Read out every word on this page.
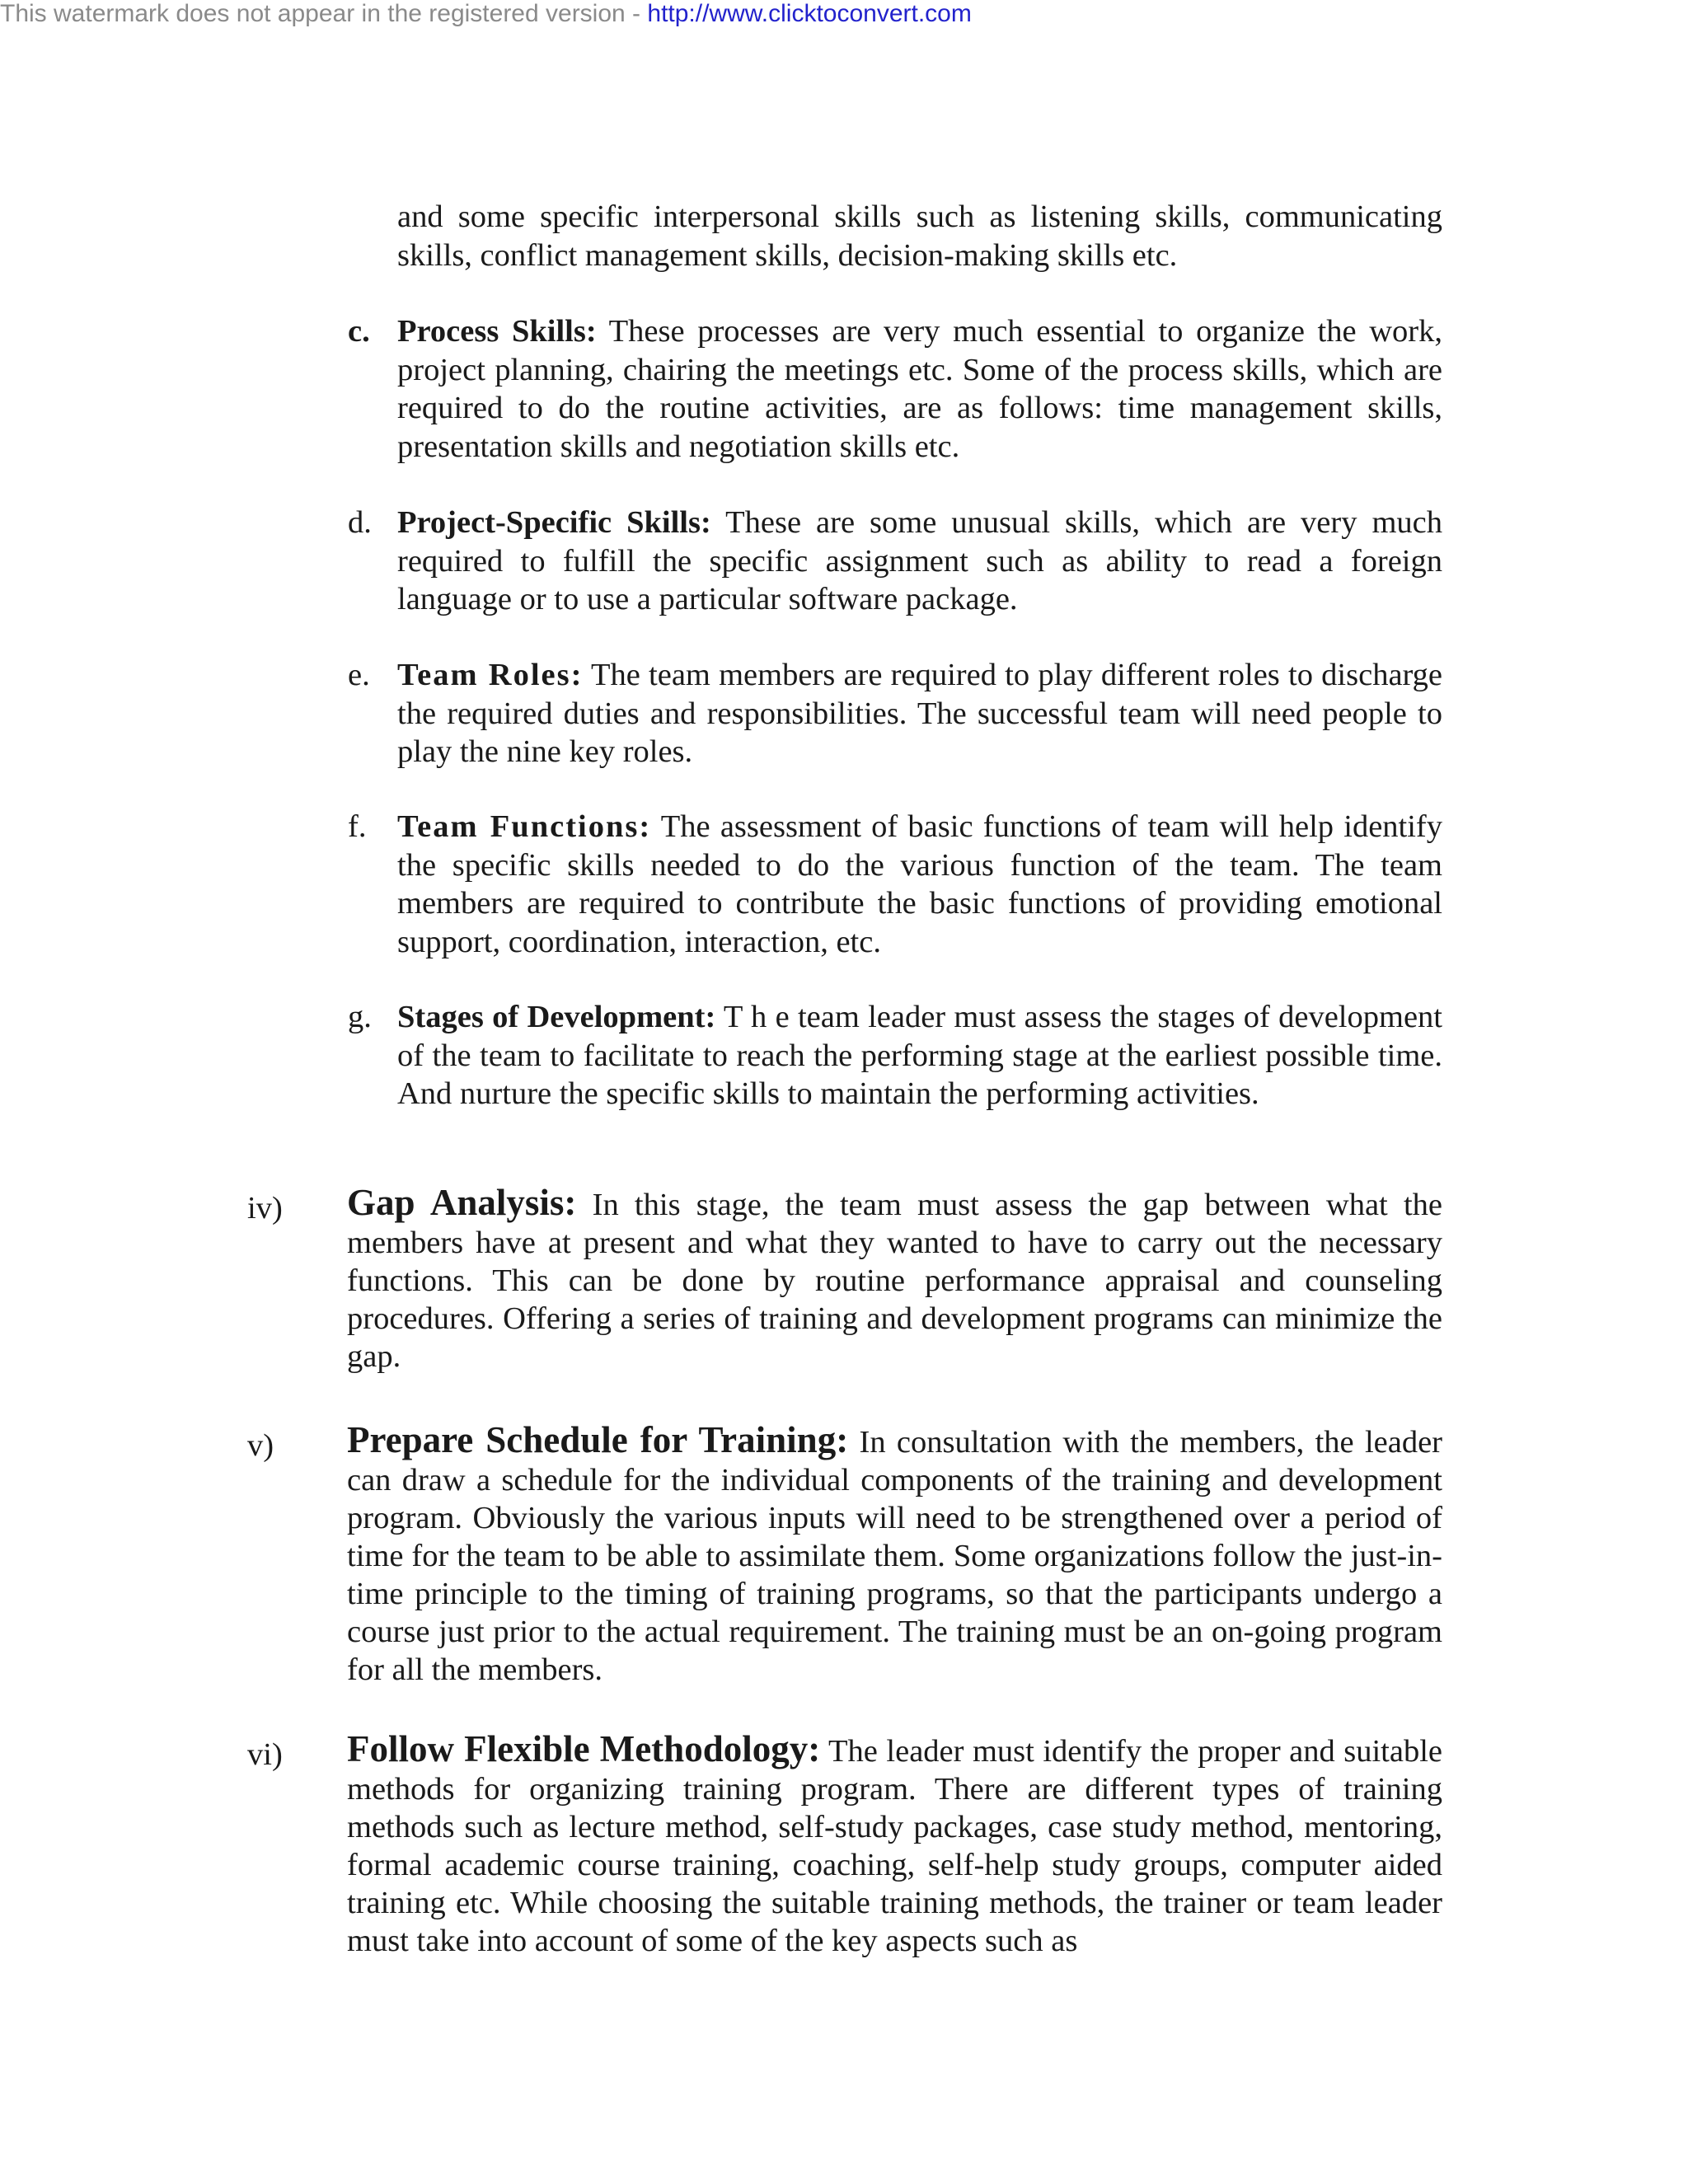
This watermark does not appear in the registered version - http://www.clicktoconvert.com
and some specific interpersonal skills such as listening skills, communicating skills, conflict management skills, decision-making skills etc.
c. Process Skills: These processes are very much essential to organize the work, project planning, chairing the meetings etc. Some of the process skills, which are required to do the routine activities, are as follows: time management skills, presentation skills and negotiation skills etc.
d. Project-Specific Skills: These are some unusual skills, which are very much required to fulfill the specific assignment such as ability to read a foreign language or to use a particular software package.
e. Team Roles: The team members are required to play different roles to discharge the required duties and responsibilities. The successful team will need people to play the nine key roles.
f. Team Functions: The assessment of basic functions of team will help identify the specific skills needed to do the various function of the team. The team members are required to contribute the basic functions of providing emotional support, coordination, interaction, etc.
g. Stages of Development: T h e team leader must assess the stages of development of the team to facilitate to reach the performing stage at the earliest possible time. And nurture the specific skills to maintain the performing activities.
iv) Gap Analysis: In this stage, the team must assess the gap between what the members have at present and what they wanted to have to carry out the necessary functions. This can be done by routine performance appraisal and counseling procedures. Offering a series of training and development programs can minimize the gap.
v) Prepare Schedule for Training: In consultation with the members, the leader can draw a schedule for the individual components of the training and development program. Obviously the various inputs will need to be strengthened over a period of time for the team to be able to assimilate them. Some organizations follow the just-in-time principle to the timing of training programs, so that the participants undergo a course just prior to the actual requirement. The training must be an on-going program for all the members.
vi) Follow Flexible Methodology: The leader must identify the proper and suitable methods for organizing training program. There are different types of training methods such as lecture method, self-study packages, case study method, mentoring, formal academic course training, coaching, self-help study groups, computer aided training etc. While choosing the suitable training methods, the trainer or team leader must take into account of some of the key aspects such as
